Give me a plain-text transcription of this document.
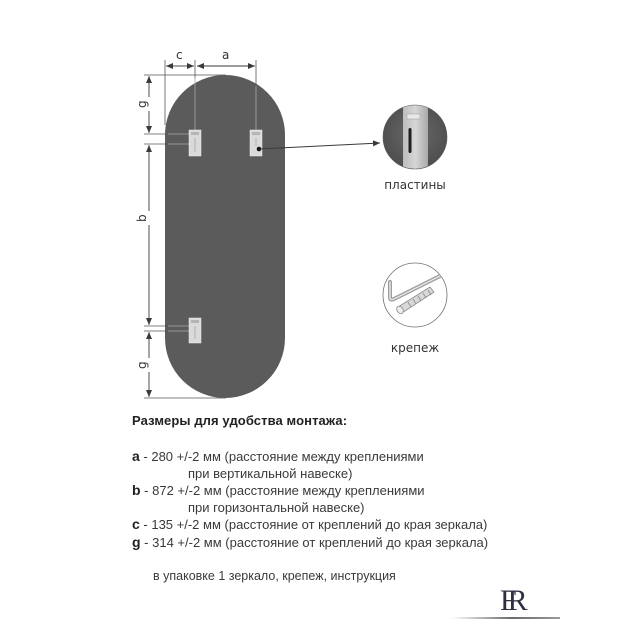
c	a
g
b
g
пластины
крепеж
Размеры для удобства монтажа:
a - 280 +/-2 мм (расстояние между креплениями
при вертикальной навеске)
b - 872 +/-2 мм (расстояние между креплениями
при горизонтальной навеске)
c - 135 +/-2 мм (расстояние от креплений до края зеркала)
g - 314 +/-2 мм (расстояние от креплений до края зеркала)
в упаковке 1 зеркало, крепеж, инструкция
FR
